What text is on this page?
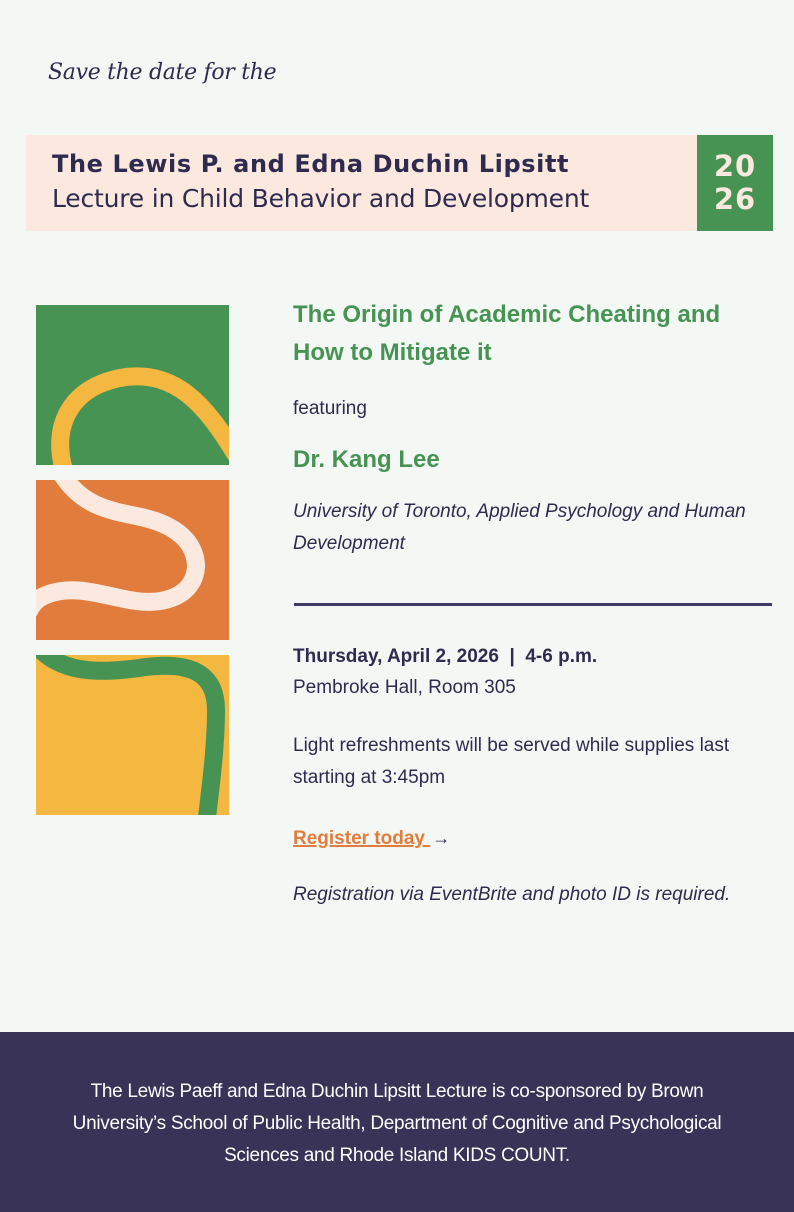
Save the date for the
The Lewis P. and Edna Duchin Lipsitt
Lecture in Child Behavior and Development
20
26
The Origin of Academic Cheating and How to Mitigate it
featuring
Dr. Kang Lee
University of Toronto, Applied Psychology and Human Development
Thursday, April 2, 2026  |  4-6 p.m.
Pembroke Hall, Room 305
Light refreshments will be served while supplies last starting at 3:45pm
Register today →
Registration via EventBrite and photo ID is required.

The Lewis Paeff and Edna Duchin Lipsitt Lecture is co-sponsored by Brown University’s School of Public Health, Department of Cognitive and Psychological Sciences and Rhode Island KIDS COUNT.
